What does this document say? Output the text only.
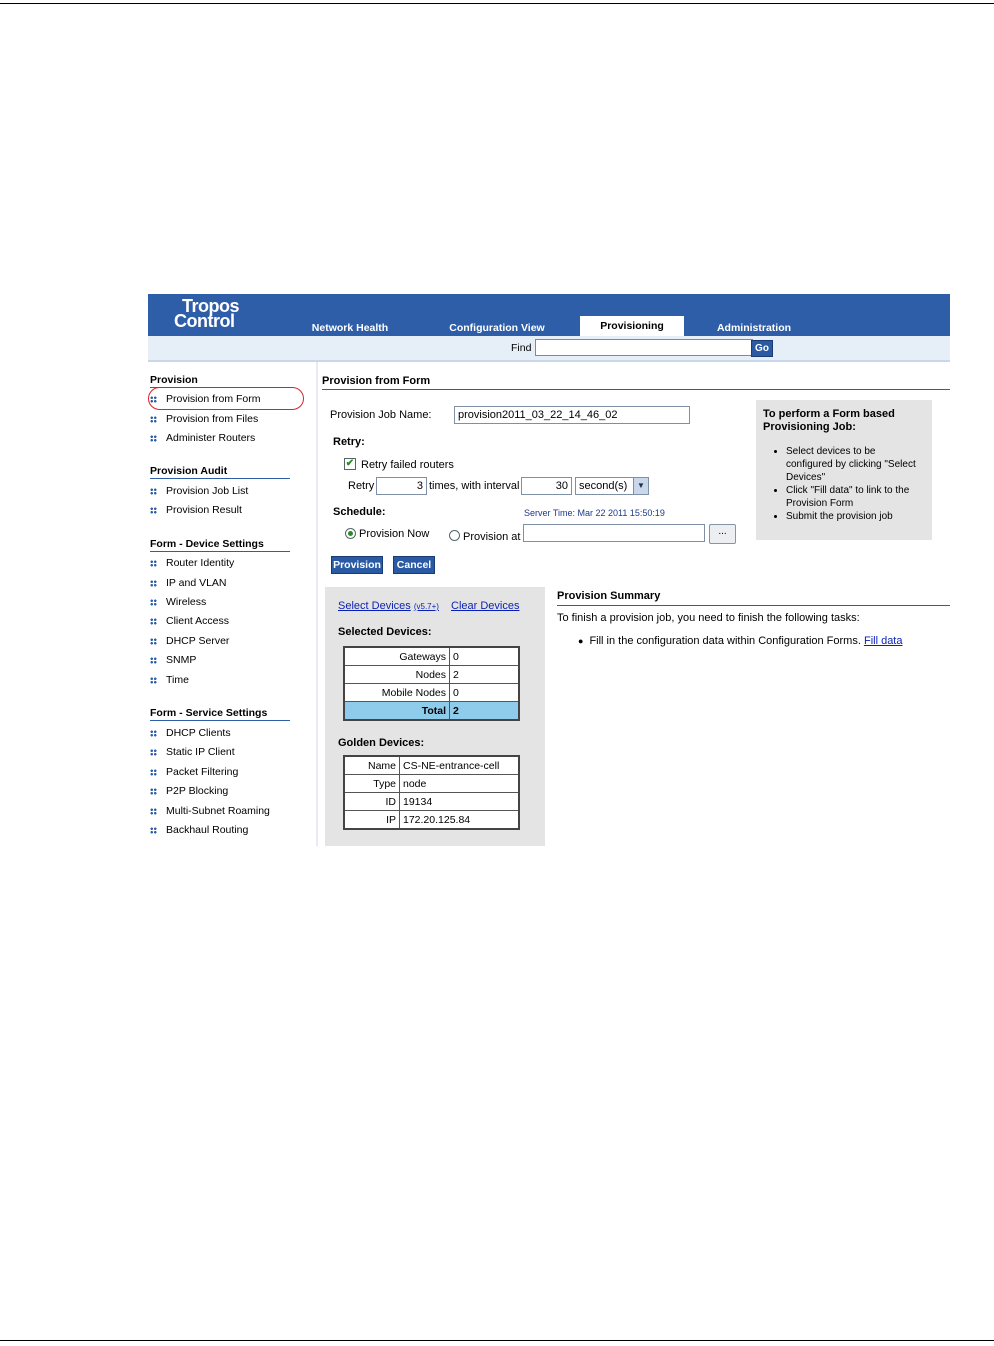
Tropos
Control	Network Health	Configuration View	Provisioning	Administration
Find	Go
Provision
Provision from Form
Provision from Files
Administer Routers
Provision Audit
Provision Job List
Provision Result
Form - Device Settings
Router Identity
IP and VLAN
Wireless
Client Access
DHCP Server
SNMP
Time
Form - Service Settings
DHCP Clients
Static IP Client
Packet Filtering
P2P Blocking
Multi-Subnet Roaming
Backhaul Routing
Provision from Form
Provision Job Name:	provision2011_03_22_14_46_02
Retry:
✔ Retry failed routers
Retry	3 times, with interval	30	second(s)	▼
Schedule:	Server Time: Mar 22 2011 15:50:19
Provision Now	Provision at	...
Provision	Cancel
To perform a Form based Provisioning Job:
• Select devices to be configured by clicking "Select Devices"
• Click "Fill data" to link to the Provision Form
• Submit the provision job
Select Devices (v5.7+) Clear Devices
Selected Devices:
Gateways	0
Nodes	2
Mobile Nodes	0
Total	2
Golden Devices:
Name	CS-NE-entrance-cell
Type	node
ID	19134
IP	172.20.125.84
Provision Summary
To finish a provision job, you need to finish the following tasks:
● Fill in the configuration data within Configuration Forms. Fill data
